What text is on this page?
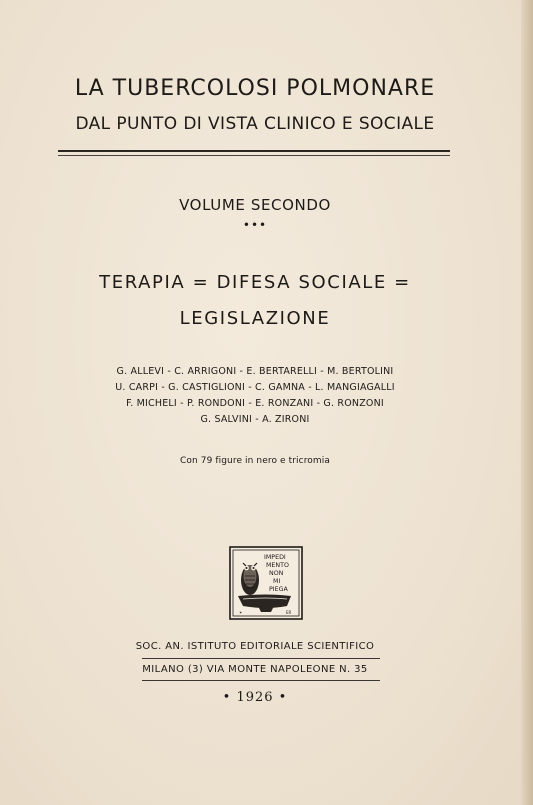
LA TUBERCOLOSI POLMONARE
DAL PUNTO DI VISTA CLINICO E SOCIALE
VOLUME SECONDO
•••
TERAPIA = DIFESA SOCIALE =
LEGISLAZIONE
G. ALLEVI - C. ARRIGONI - E. BERTARELLI - M. BERTOLINI
U. CARPI - G. CASTIGLIONI - C. GAMNA - L. MANGIAGALLI
F. MICHELI - P. RONDONI - E. RONZANI - G. RONZONI
G. SALVINI - A. ZIRONI
Con 79 figure in nero e tricromia
✶	ER
IMPEDI
MENTO
NON
MI
PIEGA
SOC. AN. ISTITUTO EDITORIALE SCIENTIFICO
MILANO (3) VIA MONTE NAPOLEONE N. 35
• 1926 •
